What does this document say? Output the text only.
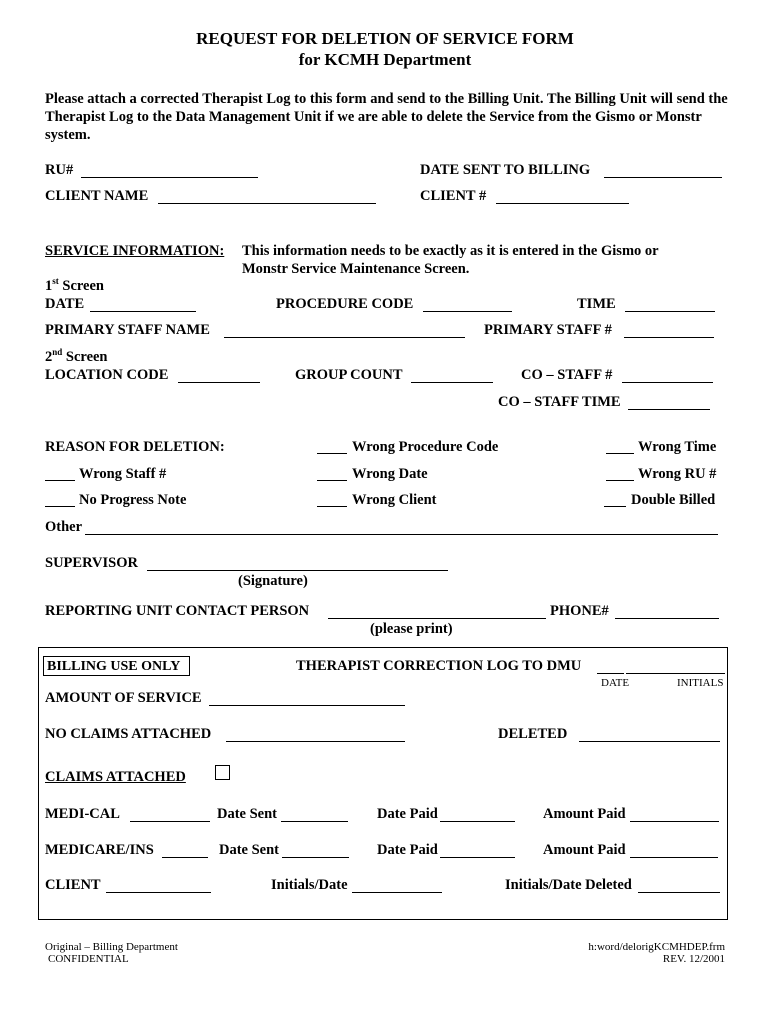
REQUEST FOR DELETION OF SERVICE FORM
for KCMH Department
Please attach a corrected Therapist Log to this form and send to the Billing Unit. The Billing Unit will send the Therapist Log to the Data Management Unit if we are able to delete the Service from the Gismo or Monstr system.
RU#	DATE SENT TO BILLING
CLIENT NAME	CLIENT #
SERVICE INFORMATION: This information needs to be exactly as it is entered in the Gismo or
Monstr Service Maintenance Screen.
1st Screen
DATE	PROCEDURE CODE	TIME
PRIMARY STAFF NAME	PRIMARY STAFF #
2nd Screen
LOCATION CODE	GROUP COUNT	CO – STAFF #
CO – STAFF TIME
REASON FOR DELETION:	Wrong Procedure Code	Wrong Time
Wrong Staff #	Wrong Date	Wrong RU #
No Progress Note	Wrong Client	Double Billed
Other
SUPERVISOR
(Signature)
REPORTING UNIT CONTACT PERSON	PHONE#
(please print)
BILLING USE ONLY	THERAPIST CORRECTION LOG TO DMU
DATE	INITIALS
AMOUNT OF SERVICE
NO CLAIMS ATTACHED	DELETED
CLAIMS ATTACHED
MEDI-CAL	Date Sent	Date Paid	Amount Paid
MEDICARE/INS	Date Sent	Date Paid	Amount Paid
CLIENT	Initials/Date	Initials/Date Deleted
Original – Billing Department
CONFIDENTIAL
h:word/delorigKCMHDEP.frm
REV. 12/2001
